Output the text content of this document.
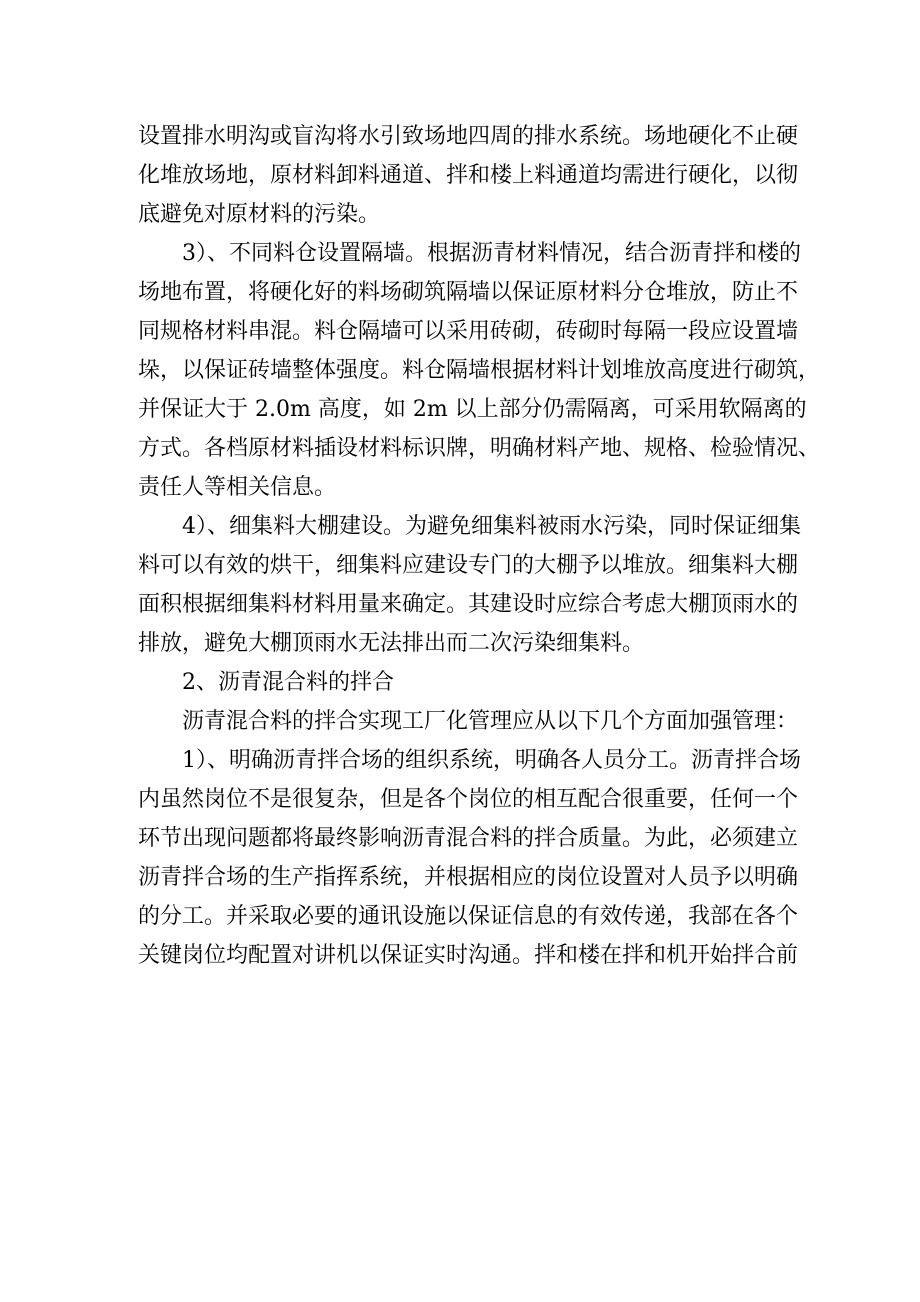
设置排水明沟或盲沟将水引致场地四周的排水系统。场地硬化不止硬
化堆放场地，原材料卸料通道、拌和楼上料通道均需进行硬化，以彻
底避免对原材料的污染。
3）、不同料仓设置隔墙。根据沥青材料情况，结合沥青拌和楼的
场地布置，将硬化好的料场砌筑隔墙以保证原材料分仓堆放，防止不
同规格材料串混。料仓隔墙可以采用砖砌，砖砌时每隔一段应设置墙
垛，以保证砖墙整体强度。料仓隔墙根据材料计划堆放高度进行砌筑，
并保证大于 2.0m 高度，如 2m 以上部分仍需隔离，可采用软隔离的
方式。各档原材料插设材料标识牌，明确材料产地、规格、检验情况、
责任人等相关信息。
4）、细集料大棚建设。为避免细集料被雨水污染，同时保证细集
料可以有效的烘干，细集料应建设专门的大棚予以堆放。细集料大棚
面积根据细集料材料用量来确定。其建设时应综合考虑大棚顶雨水的
排放，避免大棚顶雨水无法排出而二次污染细集料。
2、沥青混合料的拌合
沥青混合料的拌合实现工厂化管理应从以下几个方面加强管理：
1）、明确沥青拌合场的组织系统，明确各人员分工。沥青拌合场
内虽然岗位不是很复杂，但是各个岗位的相互配合很重要，任何一个
环节出现问题都将最终影响沥青混合料的拌合质量。为此，必须建立
沥青拌合场的生产指挥系统，并根据相应的岗位设置对人员予以明确
的分工。并采取必要的通讯设施以保证信息的有效传递，我部在各个
关键岗位均配置对讲机以保证实时沟通。拌和楼在拌和机开始拌合前
